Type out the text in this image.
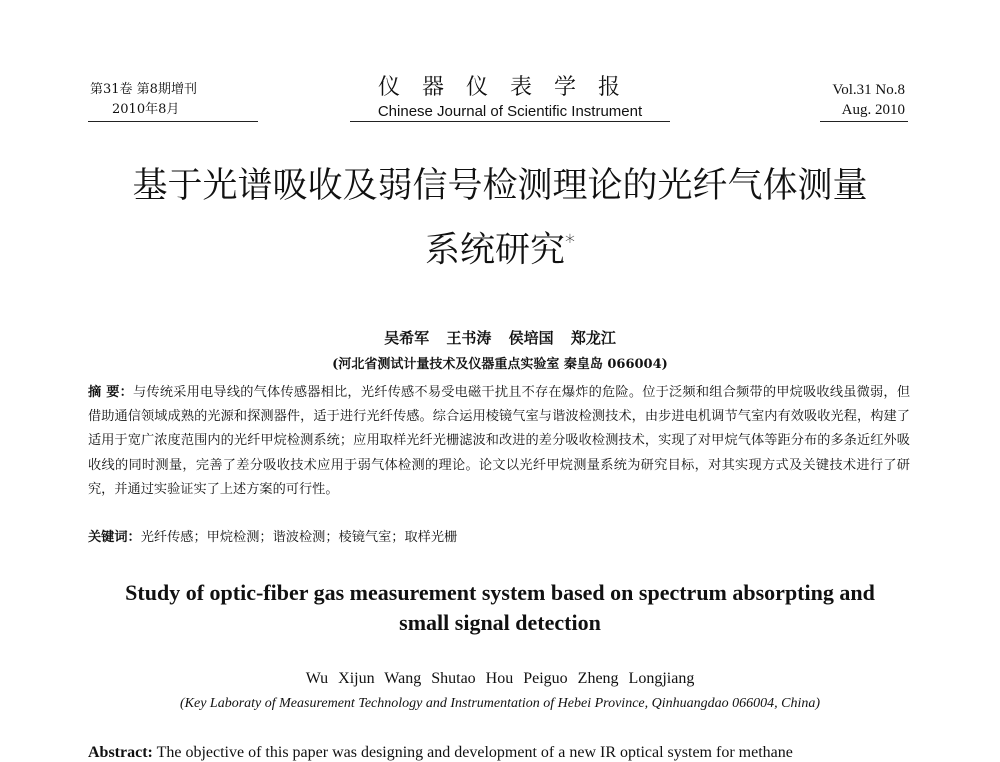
第31卷 第8期增刊
2010年8月
仪器仪表学报
Chinese Journal of Scientific Instrument
Vol.31 No.8
Aug. 2010
基于光谱吸收及弱信号检测理论的光纤气体测量
系统研究*
吴希军 王书涛 侯培国 郑龙江
(河北省测试计量技术及仪器重点实验室 秦皇岛 066004)
摘 要：与传统采用电导线的气体传感器相比，光纤传感不易受电磁干扰且不存在爆炸的危险。位于泛频和组合频带的甲烷吸收线虽微弱，但借助通信领域成熟的光源和探测器件，适于进行光纤传感。综合运用棱镜气室与谐波检测技术，由步进电机调节气室内有效吸收光程，构建了适用于宽广浓度范围内的光纤甲烷检测系统；应用取样光纤光栅滤波和改进的差分吸收检测技术，实现了对甲烷气体等距分布的多条近红外吸收线的同时测量，完善了差分吸收技术应用于弱气体检测的理论。论文以光纤甲烷测量系统为研究目标，对其实现方式及关键技术进行了研究，并通过实验证实了上述方案的可行性。
关键词：光纤传感；甲烷检测；谐波检测；棱镜气室；取样光栅
Study of optic-fiber gas measurement system based on spectrum absorpting and
small signal detection
Wu Xijun Wang Shutao Hou Peiguo Zheng Longjiang
(Key Laboraty of Measurement Technology and Instrumentation of Hebei Province, Qinhuangdao 066004, China)
Abstract: The objective of this paper was designing and development of a new IR optical system for methane
